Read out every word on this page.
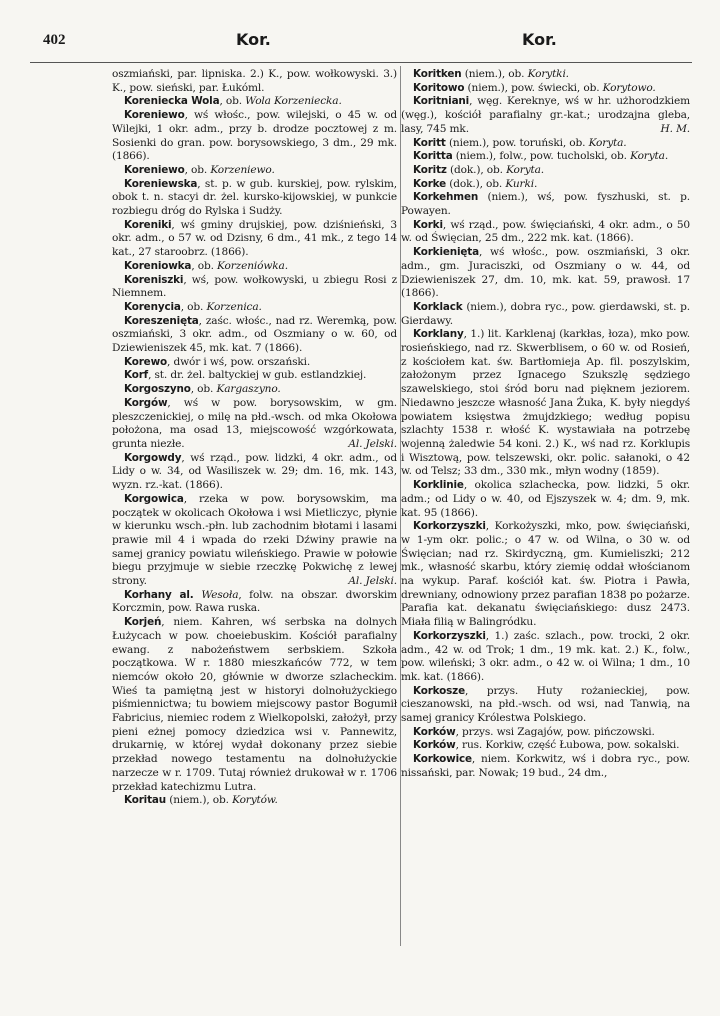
402	Kor.	Kor.

oszmiański, par. lipniska. 2.) K., pow. wołkowyski. 3.) K., pow. sieński, par. Łukóml.

Koreniecka Wola, ob. Wola Korzeniecka.

Koreniewo, wś włośc., pow. wilejski, o 45 w. od Wilejki, 1 okr. adm., przy b. drodze pocztowej z m. Sosienki do gran. pow. borysowskiego, 3 dm., 29 mk. (1866).

Koreniewo, ob. Korzeniewo.

Koreniewska, st. p. w gub. kurskiej, pow. rylskim, obok t. n. stacyi dr. żel. kursko-kijowskiej, w punkcie rozbiegu dróg do Rylska i Sudży.

Koreniki, wś gminy drujskiej, pow. dziśnieński, 3 okr. adm., o 57 w. od Dzisny, 6 dm., 41 mk., z tego 14 kat., 27 staroobrz. (1866).

Koreniowka, ob. Korzeniówka.

Koreniszki, wś, pow. wołkowyski, u zbiegu Rosi z Niemnem.

Korenycia, ob. Korzenica.

Koreszenięta, zaśc. włośc., nad rz. Weremką, pow. oszmiański, 3 okr. adm., od Oszmiany o w. 60, od Dziewieniszek 45, mk. kat. 7 (1866).

Korewo, dwór i wś, pow. orszański.

Korf, st. dr. żel. baltyckiej w gub. estlandzkiej.

Korgoszyno, ob. Kargaszyno.

Korgów, wś w pow. borysowskim, w gm. pleszczenickiej, o milę na płd.-wsch. od mka Okołowa położona, ma osad 13, miejscowość wzgórkowata, grunta niezłe.	Al. Jelski.

Korgowdy, wś rząd., pow. lidzki, 4 okr. adm., od Lidy o w. 34, od Wasiliszek w. 29; dm. 16, mk. 143, wyzn. rz.-kat. (1866).

Korgowica, rzeka w pow. borysowskim, ma początek w okolicach Okołowa i wsi Mietliczyc, płynie w kierunku wsch.-płn. lub zachodnim błotami i lasami prawie mil 4 i wpada do rzeki Dźwiny prawie na samej granicy powiatu wileńskiego. Prawie w połowie biegu przyjmuje w siebie rzeczkę Pokwichę z lewej strony.	Al. Jelski.

Korhany al. Wesoła, folw. na obszar. dworskim Korczmin, pow. Rawa ruska.

Korjeń, niem. Kahren, wś serbska na dolnych Łużycach w pow. choeiebuskim. Kościół parafialny ewang. z nabożeństwem serbskiem. Szkoła początkowa. W r. 1880 mieszkańców 772, w tem niemców około 20, głównie w dworze szlacheckim. Wieś ta pamiętną jest w historyi dolnołużyckiego piśmiennictwa; tu bowiem miejscowy pastor Bogumił Fabricius, niemiec rodem z Wielkopolski, założył, przy pieni eżnej pomocy dziedzica wsi v. Pannewitz, drukarnię, w której wydał dokonany przez siebie przekład nowego testamentu na dolnołużyckie narzecze w r. 1709. Tutaj również drukował w r. 1706 przekład katechizmu Lutra.

Koritau (niem.), ob. Korytów.

Koritken (niem.), ob. Korytki.

Koritowo (niem.), pow. świecki, ob. Korytowo.

Koritniani, węg. Kereknye, wś w hr. użhorodzkiem (węg.), kościół parafialny gr.-kat.; urodzajna gleba, lasy, 745 mk.	H. M.

Koritt (niem.), pow. toruński, ob. Koryta.

Koritta (niem.), folw., pow. tucholski, ob. Koryta.

Koritz (dok.), ob. Koryta.

Korke (dok.), ob. Kurki.

Korkehmen (niem.), wś, pow. fyszhuski, st. p. Powayen.

Korki, wś rząd., pow. święciański, 4 okr. adm., o 50 w. od Święcian, 25 dm., 222 mk. kat. (1866).

Korkienięta, wś włośc., pow. oszmiański, 3 okr. adm., gm. Juraciszki, od Oszmiany o w. 44, od Dziewieniszek 27, dm. 10, mk. kat. 59, prawosł. 17 (1866).

Korklack (niem.), dobra ryc., pow. gierdawski, st. p. Gierdawy.

Korklany, 1.) lit. Karklenaj (karkłas, łoza), mko pow. rosieńskiego, nad rz. Skwerblisem, o 60 w. od Rosień, z kościołem kat. św. Bartłomieja Ap. fil. poszylskim, założonym przez Ignacego Szukszlę sędziego szawelskiego, stoi śród boru nad pięknem jeziorem. Niedawno jeszcze własność Jana Żuka, K. były niegdyś powiatem księstwa żmujdzkiego; według popisu szlachty 1538 r. włość K. wystawiała na potrzebę wojenną żaledwie 54 koni. 2.) K., wś nad rz. Korklupis i Wisztową, pow. telszewski, okr. polic. sałanoki, o 42 w. od Telsz; 33 dm., 330 mk., młyn wodny (1859).

Korklinie, okolica szlachecka, pow. lidzki, 5 okr. adm.; od Lidy o w. 40, od Ejszyszek w. 4; dm. 9, mk. kat. 95 (1866).

Korkorzyszki, Korkożyszki, mko, pow. święciański, w 1-ym okr. polic.; o 47 w. od Wilna, o 30 w. od Święcian; nad rz. Skirdyczną, gm. Kumieliszki; 212 mk., własność skarbu, który ziemię oddał włościanom na wykup. Paraf. kościół kat. św. Piotra i Pawła, drewniany, odnowiony przez parafian 1838 po pożarze. Parafia kat. dekanatu święciańskiego: dusz 2473. Miała filią w Balingródku.

Korkorzyszki, 1.) zaśc. szlach., pow. trocki, 2 okr. adm., 42 w. od Trok; 1 dm., 19 mk. kat. 2.) K., folw., pow. wileński; 3 okr. adm., o 42 w. oi Wilna; 1 dm., 10 mk. kat. (1866).

Korkosze, przys. Huty rożanieckiej, pow. cieszanowski, na płd.-wsch. od wsi, nad Tanwią, na samej granicy Królestwa Polskiego.

Korków, przys. wsi Zagajów, pow. pińczowski.

Korków, rus. Korkiw, część Łubowa, pow. sokalski.

Korkowice, niem. Korkwitz, wś i dobra ryc., pow. nissański, par. Nowak; 19 bud., 24 dm.,
